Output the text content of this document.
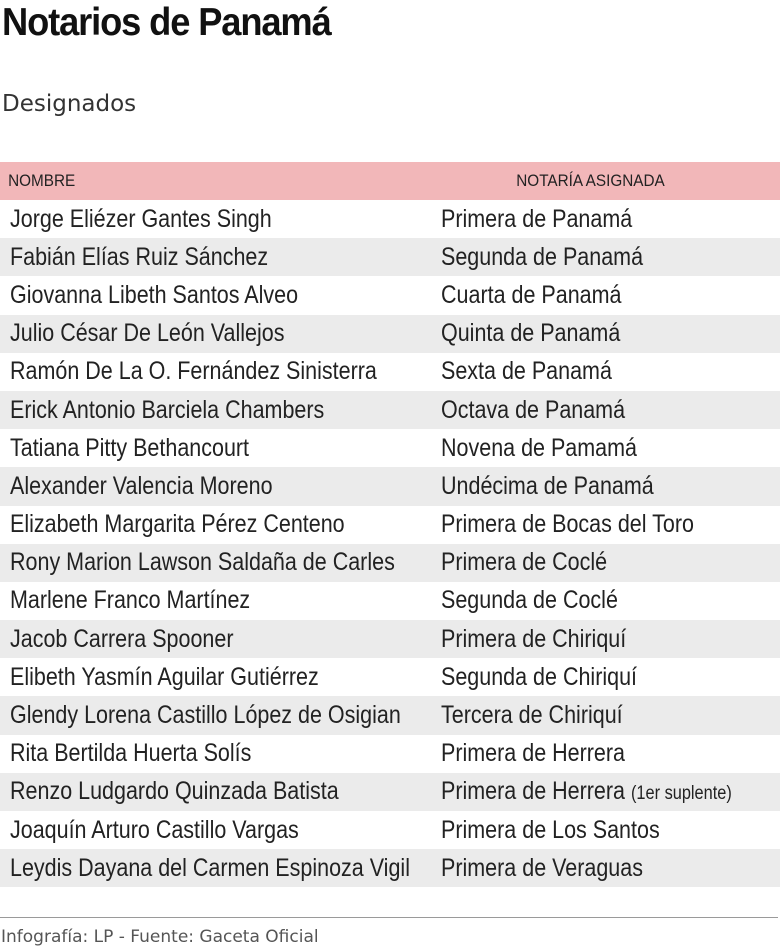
Notarios de Panamá
Designados
NOMBRE	NOTARÍA ASIGNADA
Jorge Eliézer Gantes Singh	Primera de Panamá
Fabián Elías Ruiz Sánchez	Segunda de Panamá
Giovanna Libeth Santos Alveo	Cuarta de Panamá
Julio César De León Vallejos	Quinta de Panamá
Ramón De La O. Fernández Sinisterra	Sexta de Panamá
Erick Antonio Barciela Chambers	Octava de Panamá
Tatiana Pitty Bethancourt	Novena de Pamamá
Alexander Valencia Moreno	Undécima de Panamá
Elizabeth Margarita Pérez Centeno	Primera de Bocas del Toro
Rony Marion Lawson Saldaña de Carles	Primera de Coclé
Marlene Franco Martínez	Segunda de Coclé
Jacob Carrera Spooner	Primera de Chiriquí
Elibeth Yasmín Aguilar Gutiérrez	Segunda de Chiriquí
Glendy Lorena Castillo López de Osigian	Tercera de Chiriquí
Rita Bertilda Huerta Solís	Primera de Herrera
Renzo Ludgardo Quinzada Batista	Primera de Herrera (1er suplente)
Joaquín Arturo Castillo Vargas	Primera de Los Santos
Leydis Dayana del Carmen Espinoza Vigil	Primera de Veraguas
Infografía: LP - Fuente: Gaceta Oficial
